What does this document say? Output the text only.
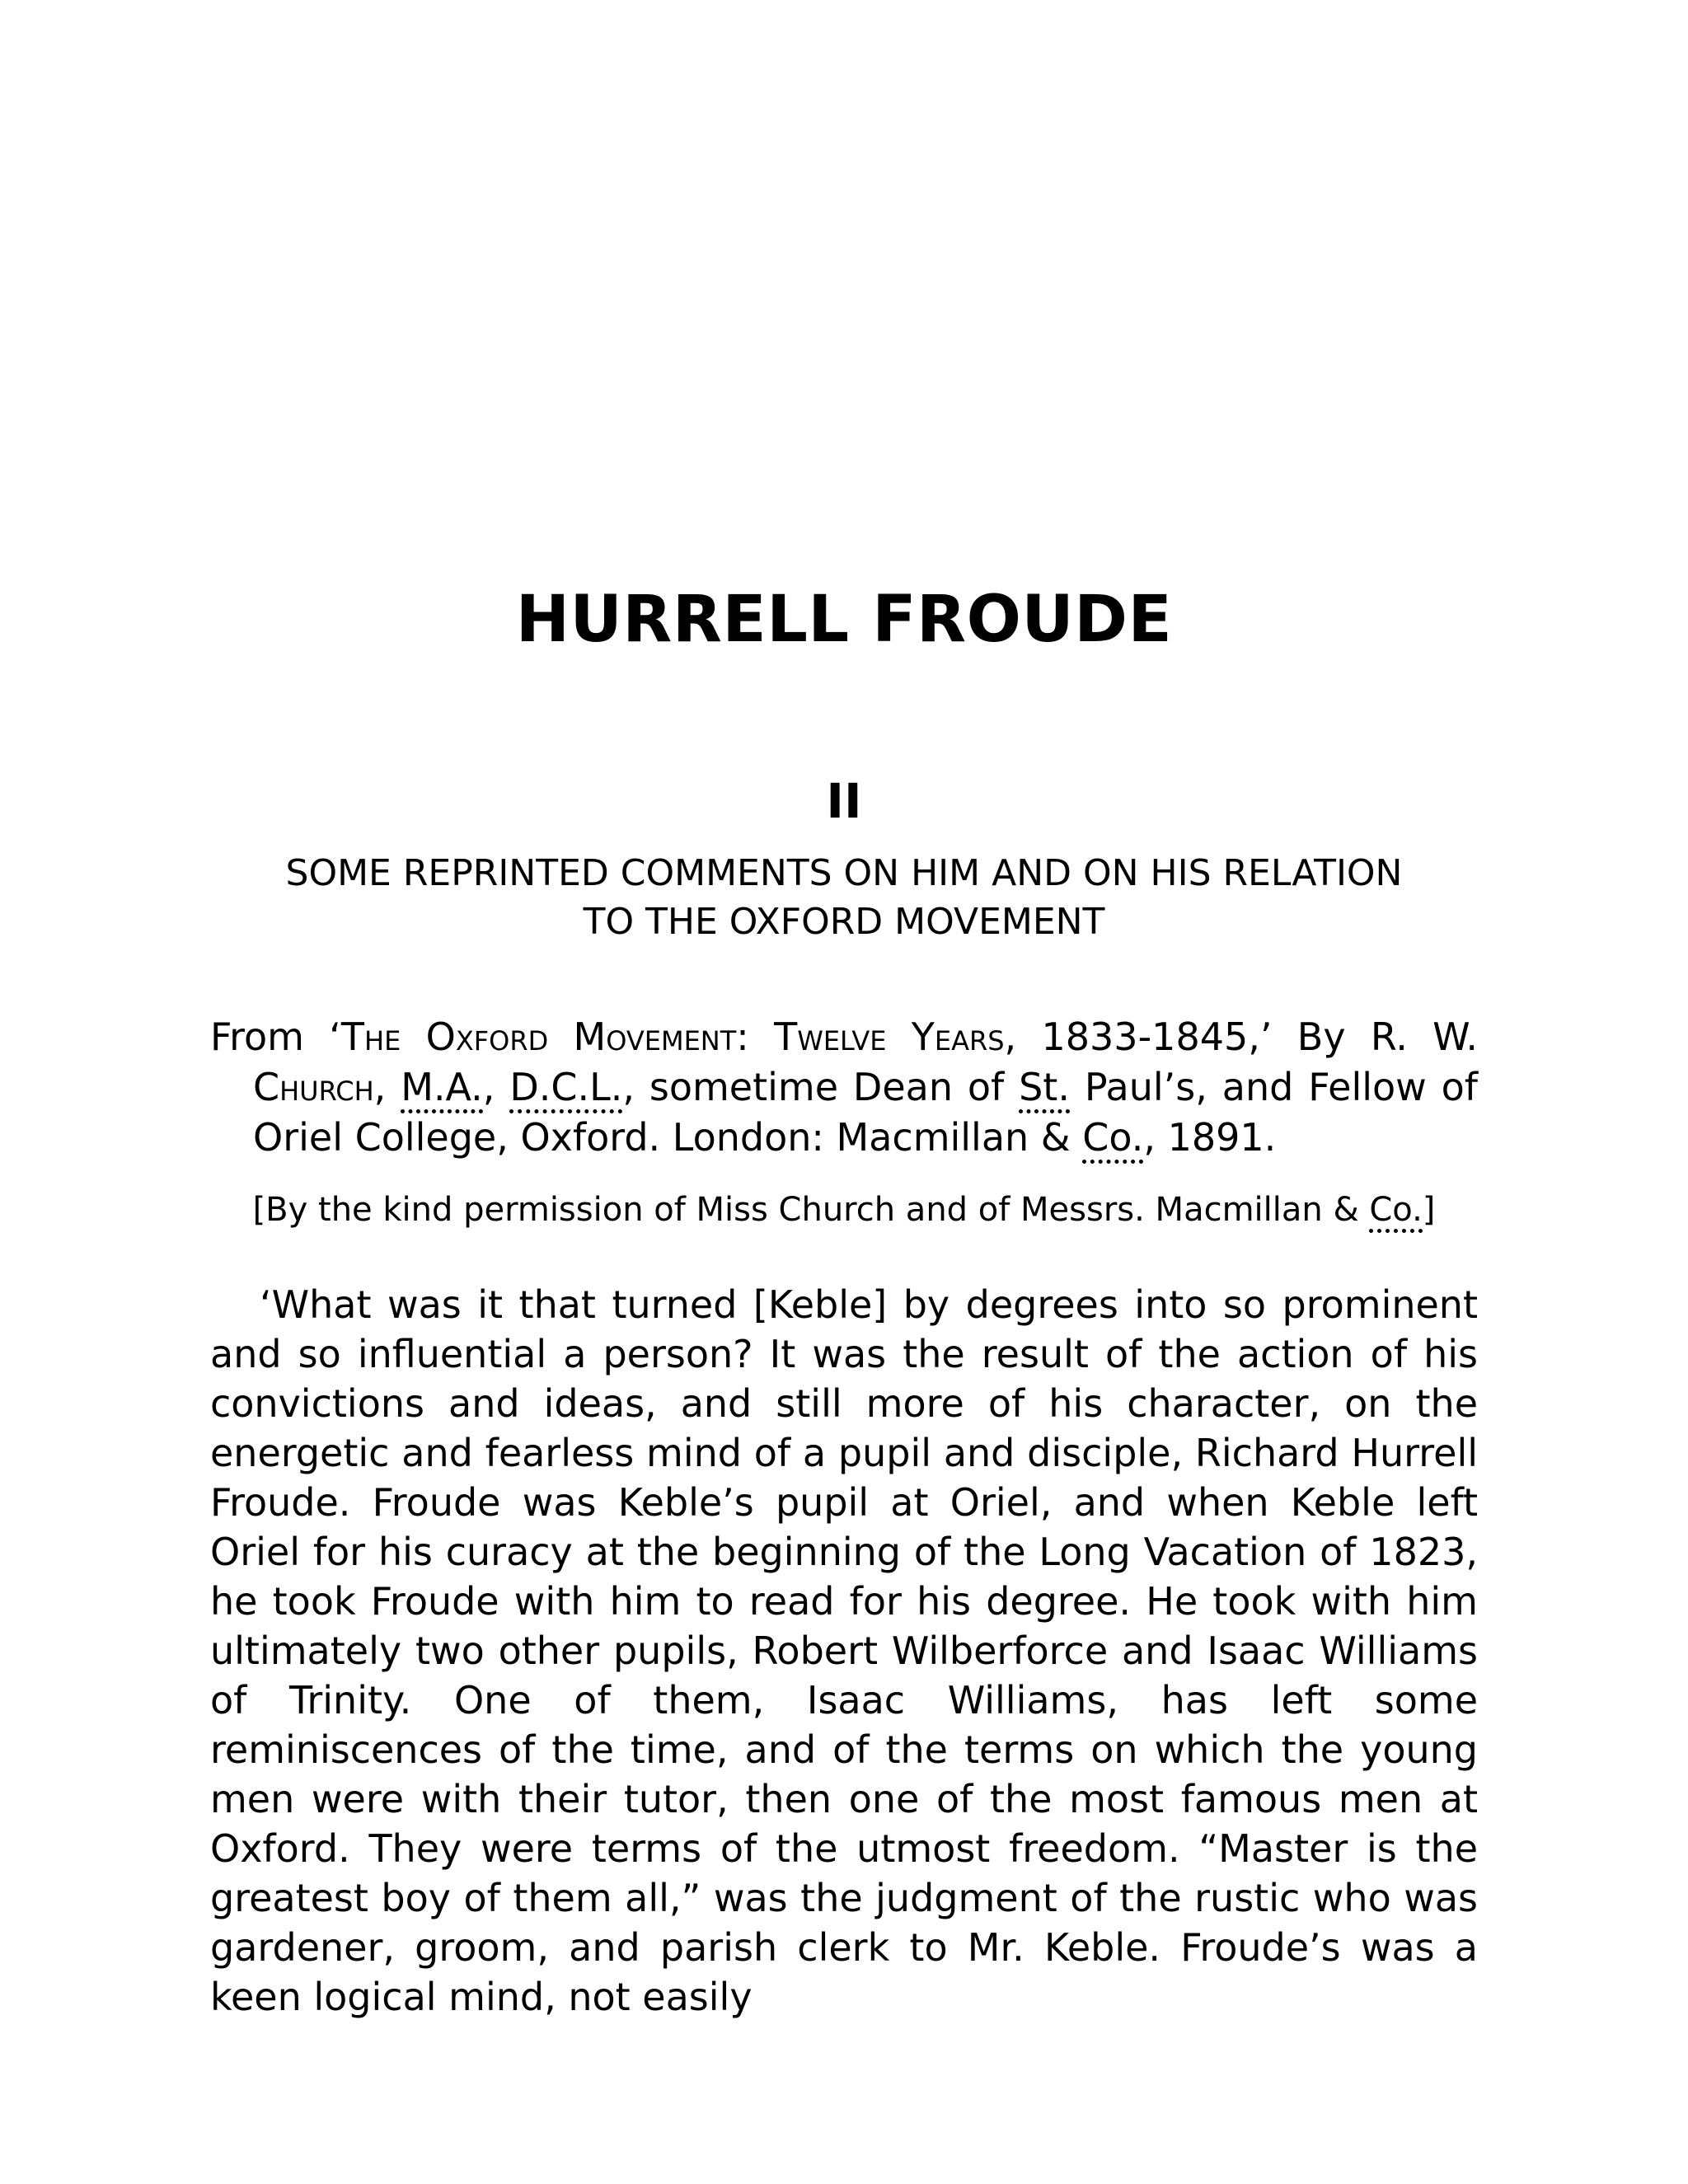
HURRELL FROUDE
II
SOME REPRINTED COMMENTS ON HIM AND ON HIS RELATION
TO THE OXFORD MOVEMENT

From ‘The Oxford Movement: Twelve Years, 1833-1845,’ By R. W. Church, M.A., D.C.L., sometime Dean of St. Paul’s, and Fellow of Oriel College, Oxford. London: Macmillan & Co., 1891.

[By the kind permission of Miss Church and of Messrs. Macmillan & Co.]

‘What was it that turned [Keble] by degrees into so prominent and so influential a person? It was the result of the action of his convictions and ideas, and still more of his character, on the energetic and fearless mind of a pupil and disciple, Richard Hurrell Froude. Froude was Keble’s pupil at Oriel, and when Keble left Oriel for his curacy at the beginning of the Long Vacation of 1823, he took Froude with him to read for his degree. He took with him ultimately two other pupils, Robert Wilberforce and Isaac Williams of Trinity. One of them, Isaac Williams, has left some reminiscences of the time, and of the terms on which the young men were with their tutor, then one of the most famous men at Oxford. They were terms of the utmost freedom. “Master is the greatest boy of them all,” was the judgment of the rustic who was gardener, groom, and parish clerk to Mr. Keble. Froude’s was a keen logical mind, not easily
